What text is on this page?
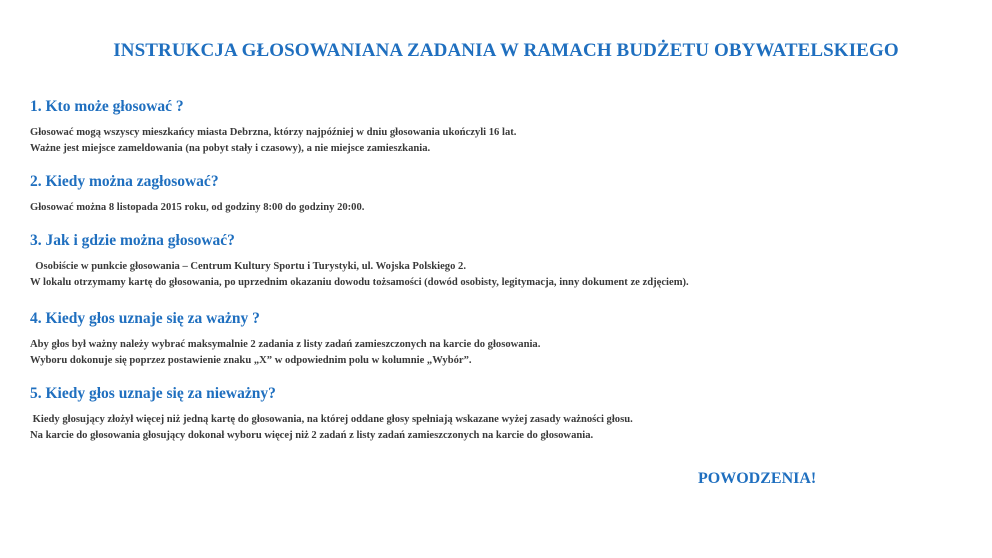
INSTRUKCJA GŁOSOWANIANA ZADANIA W RAMACH BUDŻETU OBYWATELSKIEGO
1. Kto może głosować ?
Głosować mogą wszyscy mieszkańcy miasta Debrzna, którzy najpóźniej w dniu głosowania ukończyli 16 lat.
Ważne jest miejsce zameldowania (na pobyt stały i czasowy), a nie miejsce zamieszkania.
2. Kiedy można zagłosować?
Głosować można 8 listopada 2015 roku, od godziny 8:00 do godziny 20:00.
3. Jak i gdzie można głosować?
Osobiście w punkcie głosowania – Centrum Kultury Sportu i Turystyki, ul. Wojska Polskiego 2.
W lokalu otrzymamy kartę do głosowania, po uprzednim okazaniu dowodu tożsamości (dowód osobisty, legitymacja, inny dokument ze zdjęciem).
4. Kiedy głos uznaje się za ważny ?
Aby głos był ważny należy wybrać maksymalnie 2 zadania z listy zadań zamieszczonych na karcie do głosowania.
Wyboru dokonuje się poprzez postawienie znaku „X” w odpowiednim polu w kolumnie „Wybór”.
5. Kiedy głos uznaje się za nieważny?
Kiedy głosujący złożył więcej niż jedną kartę do głosowania, na której oddane głosy spełniają wskazane wyżej zasady ważności głosu.
Na karcie do głosowania głosujący dokonał wyboru więcej niż 2 zadań z listy zadań zamieszczonych na karcie do głosowania.
POWODZENIA!
